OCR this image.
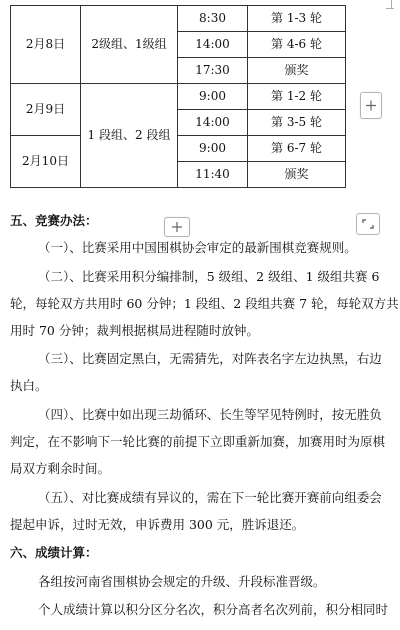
2月8日	2级组、1级组	8:30	第 1-3 轮
		14:00	第 4-6 轮
		17:30	颁奖
2月9日	1 段组、2 段组	9:00	第 1-2 轮
		14:00	第 3-5 轮
2月10日		9:00	第 6-7 轮
		11:40	颁奖
五、竞赛办法：
（一）、比赛采用中国围棋协会审定的最新围棋竞赛规则。
（二）、比赛采用积分编排制，5 级组、2 级组、1 级组共赛 6
轮，每轮双方共用时 60 分钟；1 段组、2 段组共赛 7 轮，每轮双方共
用时 70 分钟；裁判根据棋局进程随时放钟。
（三）、比赛固定黑白，无需猜先，对阵表名字左边执黑，右边
执白。
（四）、比赛中如出现三劫循环、长生等罕见特例时，按无胜负
判定，在不影响下一轮比赛的前提下立即重新加赛，加赛用时为原棋
局双方剩余时间。
（五）、对比赛成绩有异议的，需在下一轮比赛开赛前向组委会
提起申诉，过时无效，申诉费用 300 元，胜诉退还。
六、成绩计算：
各组按河南省围棋协会规定的升级、升段标准晋级。
个人成绩计算以积分区分名次，积分高者名次列前，积分相同时
